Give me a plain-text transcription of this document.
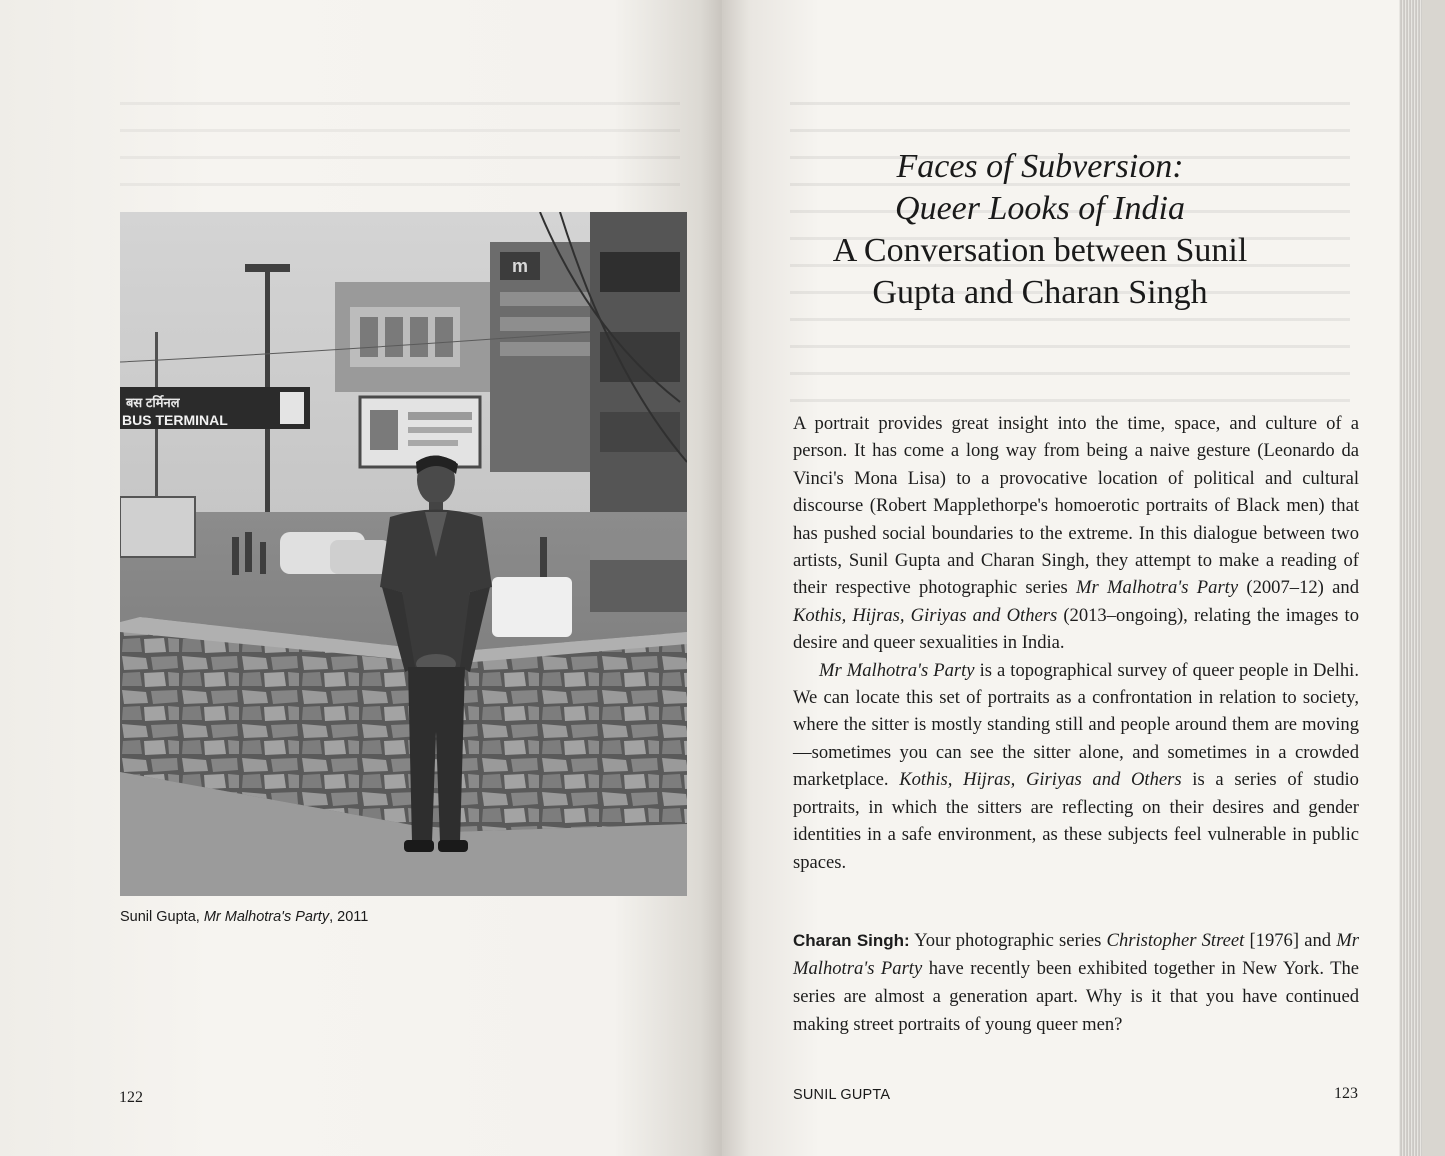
m
बस टर्मिनल
BUS TERMINAL
Sunil Gupta, Mr Malhotra's Party, 2011
122
Faces of Subversion:
Queer Looks of India
A Conversation between Sunil
Gupta and Charan Singh

A portrait provides great insight into the time, space, and culture of a person. It has come a long way from being a naive gesture (Leonardo da Vinci's Mona Lisa) to a provocative location of political and cultural discourse (Robert Mapplethorpe's homoerotic portraits of Black men) that has pushed social boundaries to the extreme. In this dialogue between two artists, Sunil Gupta and Charan Singh, they attempt to make a reading of their respective photographic series Mr Malhotra's Party (2007–12) and Kothis, Hijras, Giriyas and Others (2013–ongoing), relating the images to desire and queer sexualities in India.

Mr Malhotra's Party is a topographical survey of queer people in Delhi. We can locate this set of portraits as a confrontation in relation to society, where the sitter is mostly standing still and people around them are moving—sometimes you can see the sitter alone, and sometimes in a crowded marketplace. Kothis, Hijras, Giriyas and Others is a series of studio portraits, in which the sitters are reflecting on their desires and gender identities in a safe environment, as these subjects feel vulnerable in public spaces.

Charan Singh: Your photographic series Christopher Street [1976] and Mr Malhotra's Party have recently been exhibited together in New York. The series are almost a generation apart. Why is it that you have continued making street portraits of young queer men?
SUNIL GUPTA	123
